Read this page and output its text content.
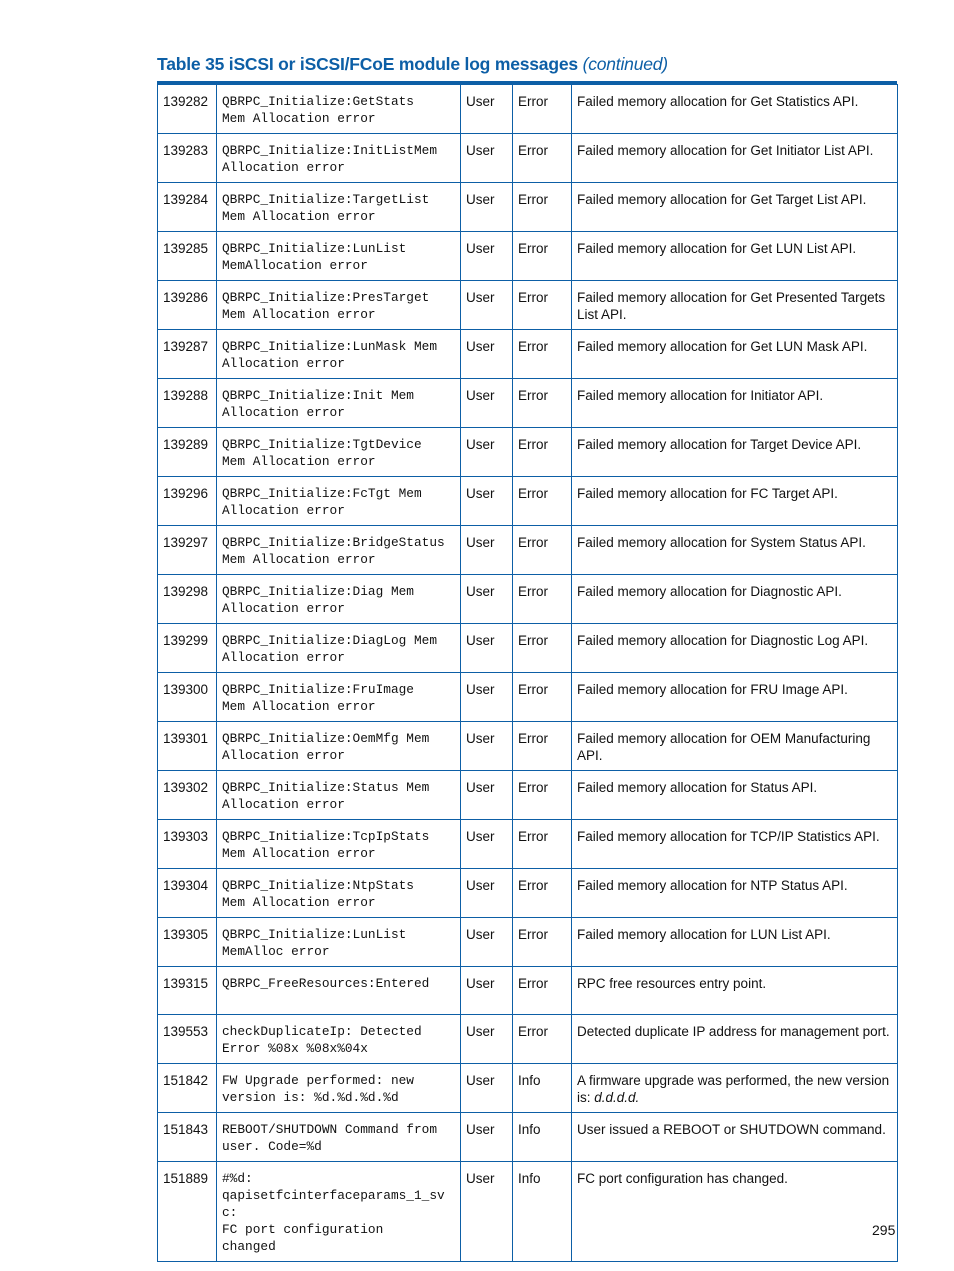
Table 35 iSCSI or iSCSI/FCoE module log messages (continued)
139282	QBRPC_Initialize:GetStats
Mem Allocation error	User	Error	Failed memory allocation for Get Statistics API.
139283	QBRPC_Initialize:InitListMem
Allocation error	User	Error	Failed memory allocation for Get Initiator List API.
139284	QBRPC_Initialize:TargetList
Mem Allocation error	User	Error	Failed memory allocation for Get Target List API.
139285	QBRPC_Initialize:LunList
MemAllocation error	User	Error	Failed memory allocation for Get LUN List API.
139286	QBRPC_Initialize:PresTarget
Mem Allocation error	User	Error	Failed memory allocation for Get Presented Targets List API.
139287	QBRPC_Initialize:LunMask Mem
Allocation error	User	Error	Failed memory allocation for Get LUN Mask API.
139288	QBRPC_Initialize:Init Mem
Allocation error	User	Error	Failed memory allocation for Initiator API.
139289	QBRPC_Initialize:TgtDevice
Mem Allocation error	User	Error	Failed memory allocation for Target Device API.
139296	QBRPC_Initialize:FcTgt Mem
Allocation error	User	Error	Failed memory allocation for FC Target API.
139297	QBRPC_Initialize:BridgeStatus
Mem Allocation error	User	Error	Failed memory allocation for System Status API.
139298	QBRPC_Initialize:Diag Mem
Allocation error	User	Error	Failed memory allocation for Diagnostic API.
139299	QBRPC_Initialize:DiagLog Mem
Allocation error	User	Error	Failed memory allocation for Diagnostic Log API.
139300	QBRPC_Initialize:FruImage
Mem Allocation error	User	Error	Failed memory allocation for FRU Image API.
139301	QBRPC_Initialize:OemMfg Mem
Allocation error	User	Error	Failed memory allocation for OEM Manufacturing API.
139302	QBRPC_Initialize:Status Mem
Allocation error	User	Error	Failed memory allocation for Status API.
139303	QBRPC_Initialize:TcpIpStats
Mem Allocation error	User	Error	Failed memory allocation for TCP/IP Statistics API.
139304	QBRPC_Initialize:NtpStats
Mem Allocation error	User	Error	Failed memory allocation for NTP Status API.
139305	QBRPC_Initialize:LunList
MemAlloc error	User	Error	Failed memory allocation for LUN List API.
139315	QBRPC_FreeResources:Entered	User	Error	RPC free resources entry point.
139553	checkDuplicateIp: Detected
Error %08x %08x%04x	User	Error	Detected duplicate IP address for management port.
151842	FW Upgrade performed: new
version is: %d.%d.%d.%d	User	Info	A firmware upgrade was performed, the new version is: d.d.d.d.
151843	REBOOT/SHUTDOWN Command from
user. Code=%d	User	Info	User issued a REBOOT or SHUTDOWN command.
151889	#%d:
qapisetfcinterfaceparams_1_svc:
FC port configuration
changed	User	Info	FC port configuration has changed.
295
